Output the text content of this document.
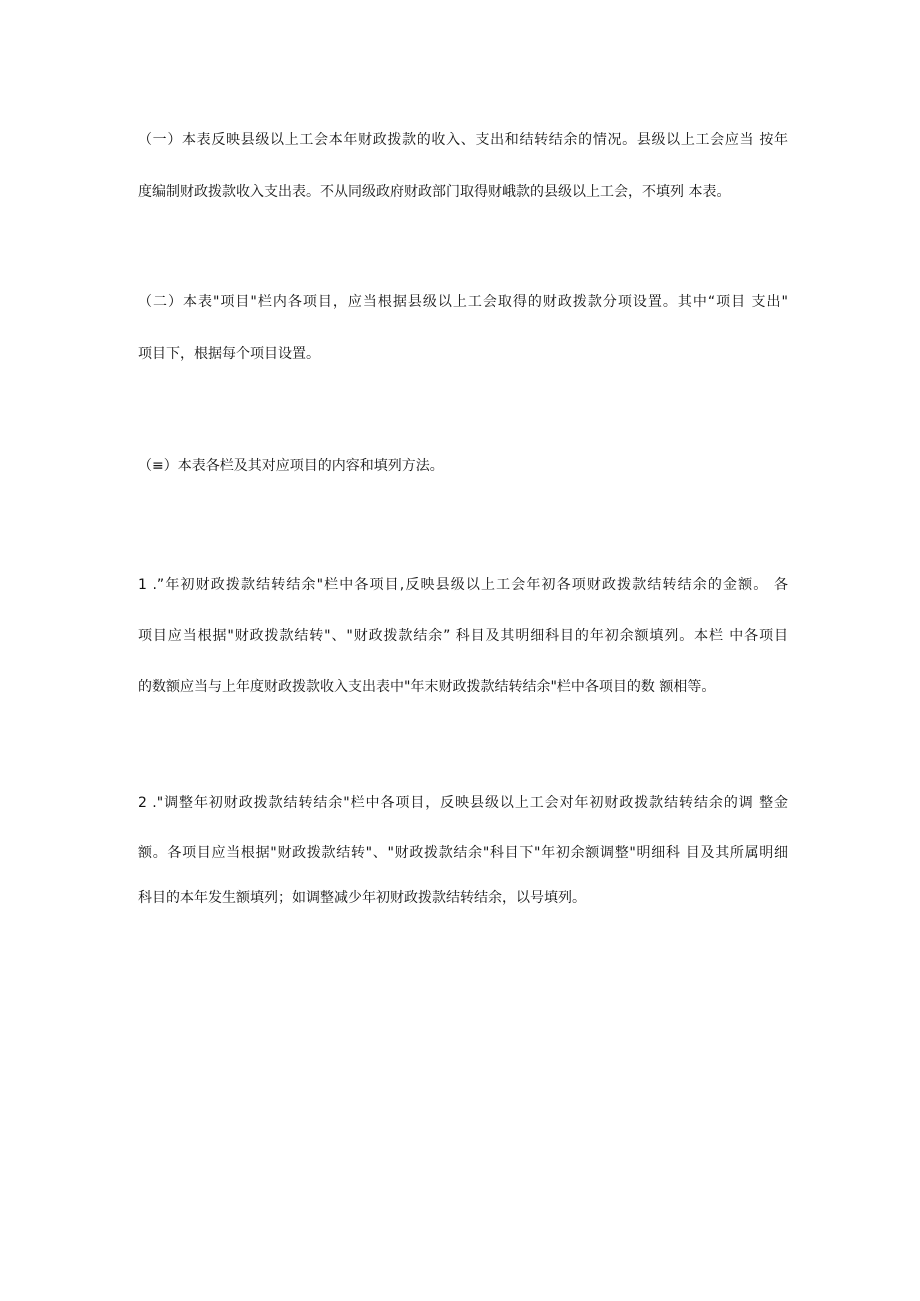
（一）本表反映县级以上工会本年财政拨款的收入、支出和结转结余的情况。县级以上工会应当 按年
度编制财政拨款收入支出表。不从同级政府财政部门取得财峨款的县级以上工会，不填列 本表。
（二）本表"项目"栏内各项目，应当根据县级以上工会取得的财政拨款分项设置。其中“项目 支出"
项目下，根据每个项目设置。
（≡）本表各栏及其对应项目的内容和填列方法。
1 .”年初财政拨款结转结余"栏中各项目,反映县级以上工会年初各项财政拨款结转结余的金额。 各
项目应当根据"财政拨款结转"、"财政拨款结余” 科目及其明细科目的年初余额填列。本栏 中各项目
的数额应当与上年度财政拨款收入支出表中"年末财政拨款结转结余"栏中各项目的数 额相等。
2 ."调整年初财政拨款结转结余"栏中各项目，反映县级以上工会对年初财政拨款结转结余的调 整金
额。各项目应当根据"财政拨款结转"、"财政拨款结余"科目下"年初余额调整"明细科 目及其所属明细
科目的本年发生额填列；如调整减少年初财政拨款结转结余，以号填列。
